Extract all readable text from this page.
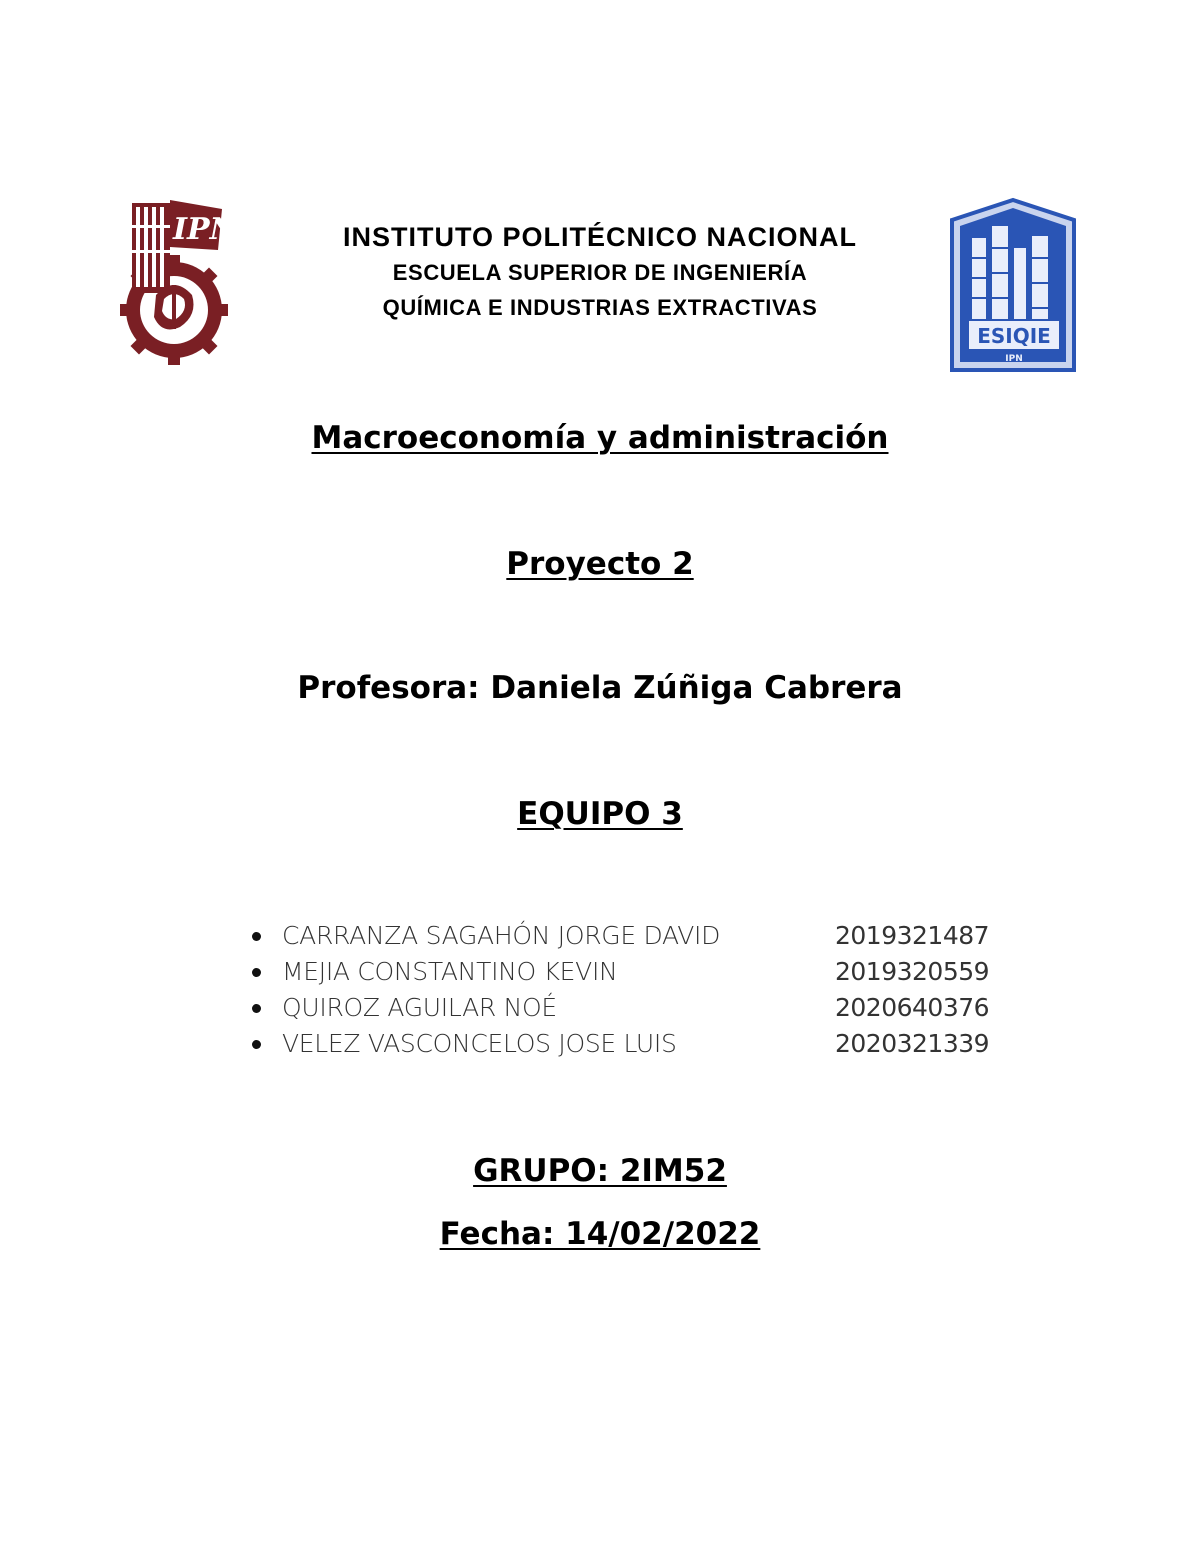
IPN	INSTITUTO POLITÉCNICO NACIONAL
ESCUELA SUPERIOR DE INGENIERÍA
QUÍMICA E INDUSTRIAS EXTRACTIVAS
ESIQIE
IPN
Macroeconomía y administración
Proyecto 2
Profesora: Daniela Zúñiga Cabrera
EQUIPO 3
CARRANZA SAGAHÓN JORGE DAVID	2019321487
MEJIA CONSTANTINO KEVIN	2019320559
QUIROZ AGUILAR NOÉ	2020640376
VELEZ VASCONCELOS JOSE LUIS	2020321339
GRUPO: 2IM52
Fecha: 14/02/2022
